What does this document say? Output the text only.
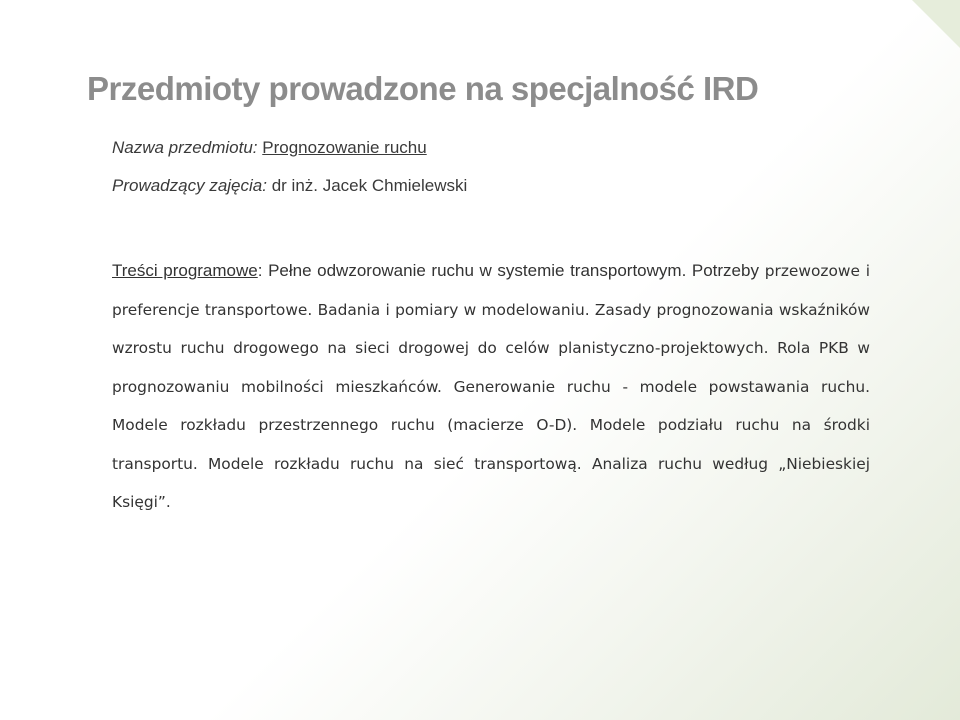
Przedmioty prowadzone na specjalność IRD
Nazwa przedmiotu: Prognozowanie ruchu
Prowadzący zajęcia: dr inż. Jacek Chmielewski

Treści programowe: Pełne odwzorowanie ruchu w systemie transportowym. Potrzeby przewozowe i preferencje transportowe. Badania i pomiary w modelowaniu. Zasady prognozowania wskaźników wzrostu ruchu drogowego na sieci drogowej do celów planistyczno-projektowych. Rola PKB w prognozowaniu mobilności mieszkańców. Generowanie ruchu - modele powstawania ruchu. Modele rozkładu przestrzennego ruchu (macierze O-D). Modele podziału ruchu na środki transportu. Modele rozkładu ruchu na sieć transportową. Analiza ruchu według „Niebieskiej Księgi”.
